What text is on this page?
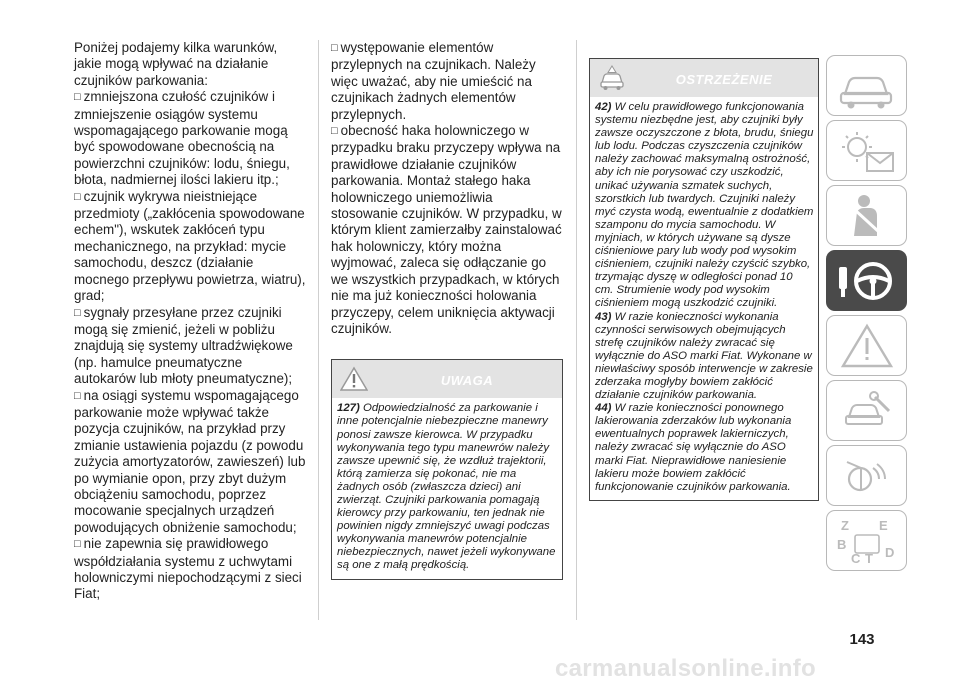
Poniżej podajemy kilka warunków, jakie mogą wpływać na działanie czujników parkowania:

□ zmniejszona czułość czujników i zmniejszenie osiągów systemu wspomagającego parkowanie mogą być spowodowane obecnością na powierzchni czujników: lodu, śniegu, błota, nadmiernej ilości lakieru itp.;

□ czujnik wykrywa nieistniejące przedmioty („zakłócenia spowodowane echem"), wskutek zakłóceń typu mechanicznego, na przykład: mycie samochodu, deszcz (działanie mocnego przepływu powietrza, wiatru), grad;

□ sygnały przesyłane przez czujniki mogą się zmienić, jeżeli w pobliżu znajdują się systemy ultradźwiękowe (np. hamulce pneumatyczne autokarów lub młoty pneumatyczne);

□ na osiągi systemu wspomagającego parkowanie może wpływać także pozycja czujników, na przykład przy zmianie ustawienia pojazdu (z powodu zużycia amortyzatorów, zawieszeń) lub po wymianie opon, przy zbyt dużym obciążeniu samochodu, poprzez mocowanie specjalnych urządzeń powodujących obniżenie samochodu;

□ nie zapewnia się prawidłowego współdziałania systemu z uchwytami holowniczymi niepochodzącymi z sieci Fiat;

□ występowanie elementów przylepnych na czujnikach. Należy więc uważać, aby nie umieścić na czujnikach żadnych elementów przylepnych.

□ obecność haka holowniczego w przypadku braku przyczepy wpływa na prawidłowe działanie czujników parkowania. Montaż stałego haka holowniczego uniemożliwia stosowanie czujników. W przypadku, w którym klient zamierzałby zainstalować hak holowniczy, który można wyjmować, zaleca się odłączanie go we wszystkich przypadkach, w których nie ma już konieczności holowania przyczepy, celem uniknięcia aktywacji czujników.

UWAGA

127) Odpowiedzialność za parkowanie i inne potencjalnie niebezpieczne manewry ponosi zawsze kierowca. W przypadku wykonywania tego typu manewrów należy zawsze upewnić się, że wzdłuż trajektorii, którą zamierza się pokonać, nie ma żadnych osób (zwłaszcza dzieci) ani zwierząt. Czujniki parkowania pomagają kierowcy przy parkowaniu, ten jednak nie powinien nigdy zmniejszyć uwagi podczas wykonywania manewrów potencjalnie niebezpiecznych, nawet jeżeli wykonywane są one z małą prędkością.

OSTRZEŻENIE

42) W celu prawidłowego funkcjonowania systemu niezbędne jest, aby czujniki były zawsze oczyszczone z błota, brudu, śniegu lub lodu. Podczas czyszczenia czujników należy zachować maksymalną ostrożność, aby ich nie porysować czy uszkodzić, unikać używania szmatek suchych, szorstkich lub twardych. Czujniki należy myć czysta wodą, ewentualnie z dodatkiem szamponu do mycia samochodu. W myjniach, w których używane są dysze ciśnieniowe pary lub wody pod wysokim ciśnieniem, czujniki należy czyścić szybko, trzymając dyszę w odległości ponad 10 cm. Strumienie wody pod wysokim ciśnieniem mogą uszkodzić czujniki.

43) W razie konieczności wykonania czynności serwisowych obejmujących strefę czujników należy zwracać się wyłącznie do ASO marki Fiat. Wykonane w niewłaściwy sposób interwencje w zakresie zderzaka mogłyby bowiem zakłócić działanie czujników parkowania.

44) W razie konieczności ponownego lakierowania zderzaków lub wykonania ewentualnych poprawek lakierniczych, należy zwracać się wyłącznie do ASO marki Fiat. Nieprawidłowe naniesienie lakieru może bowiem zakłócić funkcjonowanie czujników parkowania.

Z E
B
C T D
143
carmanualsonline.info
